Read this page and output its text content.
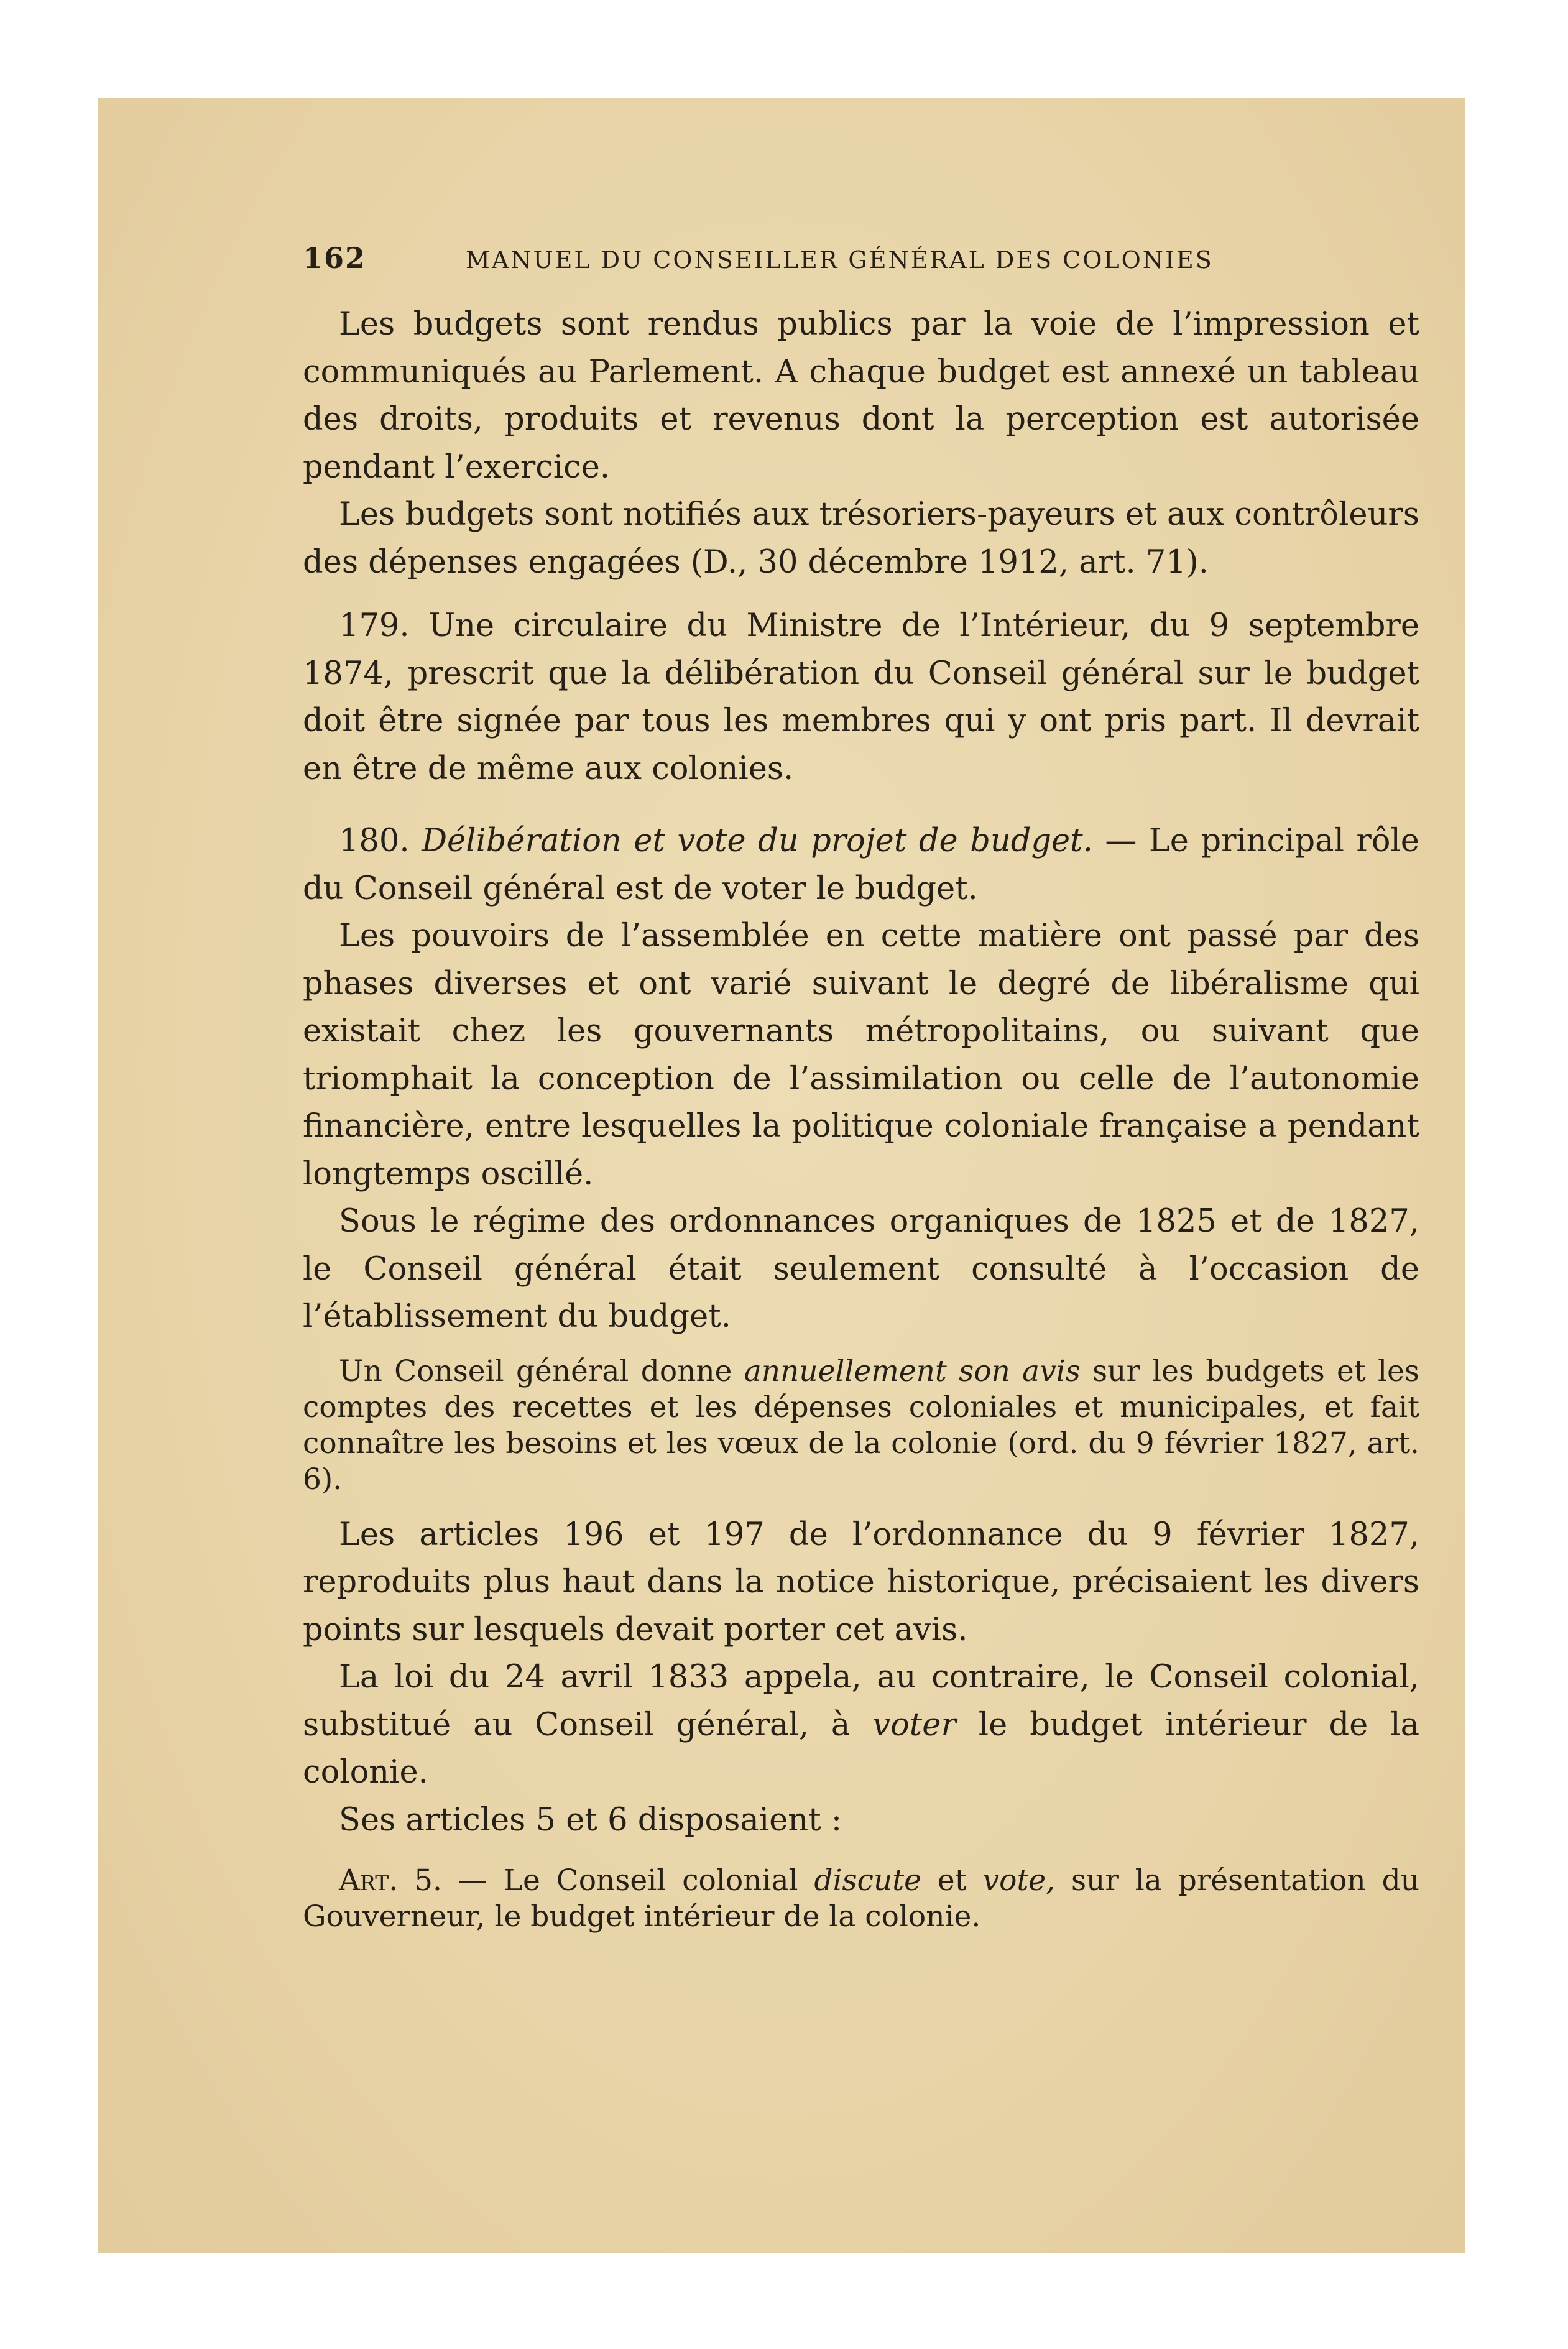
162	MANUEL DU CONSEILLER GÉNÉRAL DES COLONIES

Les budgets sont rendus publics par la voie de l’impression et communiqués au Parlement. A chaque budget est annexé un tableau des droits, produits et revenus dont la perception est autorisée pendant l’exercice.

Les budgets sont notifiés aux trésoriers-payeurs et aux contrôleurs des dépenses engagées (D., 30 décembre 1912, art. 71).

179. Une circulaire du Ministre de l’Intérieur, du 9 septembre 1874, prescrit que la délibération du Conseil général sur le budget doit être signée par tous les membres qui y ont pris part. Il devrait en être de même aux colonies.

180. Délibération et vote du projet de budget. — Le principal rôle du Conseil général est de voter le budget.

Les pouvoirs de l’assemblée en cette matière ont passé par des phases diverses et ont varié suivant le degré de libéralisme qui existait chez les gouvernants métropolitains, ou suivant que triomphait la conception de l’assimilation ou celle de l’autonomie financière, entre lesquelles la politique coloniale française a pendant longtemps oscillé.

Sous le régime des ordonnances organiques de 1825 et de 1827, le Conseil général était seulement consulté à l’occasion de l’établissement du budget.

Un Conseil général donne annuellement son avis sur les budgets et les comptes des recettes et les dépenses coloniales et municipales, et fait connaître les besoins et les vœux de la colonie (ord. du 9 février 1827, art. 6).

Les articles 196 et 197 de l’ordonnance du 9 février 1827, reproduits plus haut dans la notice historique, précisaient les divers points sur lesquels devait porter cet avis.

La loi du 24 avril 1833 appela, au contraire, le Conseil colonial, substitué au Conseil général, à voter le budget intérieur de la colonie.

Ses articles 5 et 6 disposaient :

Art. 5. — Le Conseil colonial discute et vote, sur la présentation du Gouverneur, le budget intérieur de la colonie.
